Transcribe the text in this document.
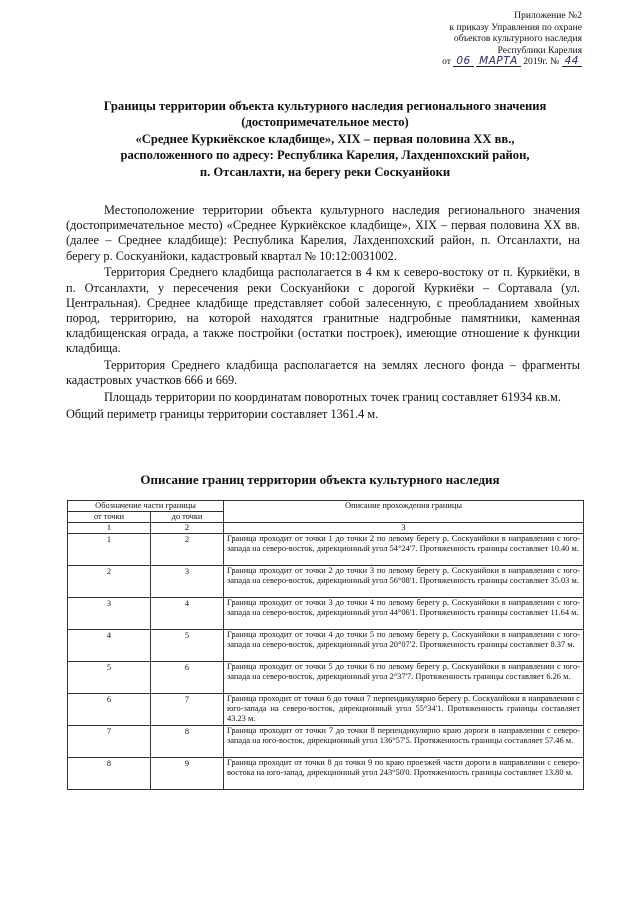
Приложение №2
к приказу Управления по охране
объектов культурного наследия
Республики Карелия
от 06 МАРТА 2019г. № 44
Границы территории объекта культурного наследия регионального значения
(достопримечательное место)
«Среднее Куркиёкское кладбище», XIX – первая половина XX вв.,
расположенного по адресу: Республика Карелия, Лахденпохский район,
п. Отсанлахти, на берегу реки Соскуанйоки

Местоположение территории объекта культурного наследия регионального значения (достопримечательное место) «Среднее Куркиёкское кладбище», XIX – первая половина XX вв. (далее – Среднее кладбище): Республика Карелия, Лахденпохский район, п. Отсанлахти, на берегу р. Соскуанйоки, кадастровый квартал № 10:12:0031002.

Территория Среднего кладбища располагается в 4 км к северо-востоку от п. Куркиёки, в п. Отсанлахти, у пересечения реки Соскуанйоки с дорогой Куркиёки – Сортавала (ул. Центральная). Среднее кладбище представляет собой залесенную, с преобладанием хвойных пород, территорию, на которой находятся гранитные надгробные памятники, каменная кладбищенская ограда, а также постройки (остатки построек), имеющие отношение к функции кладбища.

Территория Среднего кладбища располагается на землях лесного фонда – фрагменты кадастровых участков 666 и 669.

Площадь территории по координатам поворотных точек границ составляет 61934 кв.м.

Общий периметр границы территории составляет 1361.4 м.

Описание границ территории объекта культурного наследия
Обозначение части границы		Описание прохождения границы
от точки	до точки	
1	2	3
1	2	Граница проходит от точки 1 до точки 2 по левому берегу р. Соскуанйоки в направлении с юго-запада на северо-восток, дирекционный угол 54°24'7. Протяженность границы составляет 10.40 м.
2	3	Граница проходит от точки 2 до точки 3 по левому берегу р. Соскуанйоки в направлении с юго-запада на северо-восток, дирекционный угол 56°08'1. Протяженность границы составляет 35.03 м.
3	4	Граница проходит от точки 3 до точки 4 по левому берегу р. Соскуанйоки в направлении с юго-запада на северо-восток, дирекционный угол 44°06'1. Протяженность границы составляет 11.64 м.
4	5	Граница проходит от точки 4 до точки 5 по левому берегу р. Соскуанйоки в направлении с юго-запада на северо-восток, дирекционный угол 20°07'2. Протяженность границы составляет 8.37 м.
5	6	Граница проходит от точки 5 до точки 6 по левому берегу р. Соскуанйоки в направлении с юго-запада на северо-восток, дирекционный угол 2°37'7. Протяженность границы составляет 6.26 м.
6	7	Граница проходит от точки 6 до точки 7 перпендикулярно берегу р. Соскуанйоки в направлении с юго-запада на северо-восток, дирекционный угол 55°34'1. Протяженность границы составляет 43.23 м.
7	8	Граница проходит от точки 7 до точки 8 перпендикулярно краю дороги в направлении с северо-запада на юго-восток, дирекционный угол 136°57'5. Протяженность границы составляет 57.46 м.
8	9	Граница проходит от точки 8 до точки 9 по краю проезжей части дороги в направлении с северо-востока на юго-запад, дирекционный угол 243°50'0. Протяженность границы составляет 13.80 м.
